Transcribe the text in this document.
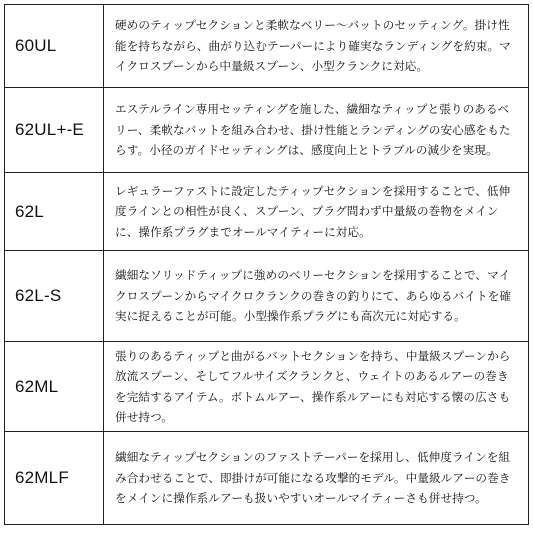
60UL	硬めのティップセクションと柔軟なベリー〜バットのセッティング。掛け性能を持ちながら、曲がり込むテーパーにより確実なランディングを約束。マイクロスプーンから中量級スプーン、小型クランクに対応。
62UL+-E	エステルライン専用セッティングを施した、繊細なティップと張りのあるベリー、柔軟なバットを組み合わせ、掛け性能とランディングの安心感をもたらす。小径のガイドセッティングは、感度向上とトラブルの減少を実現。
62L	レギュラーファストに設定したティップセクションを採用することで、低伸度ラインとの相性が良く、スプーン、プラグ問わず中量級の巻物をメインに、操作系プラグまでオールマイティーに対応。
62L-S	繊細なソリッドティップに強めのベリーセクションを採用することで、マイクロスプーンからマイクロクランクの巻きの釣りにて、あらゆるバイトを確実に捉えることが可能。小型操作系プラグにも高次元に対応する。
62ML	張りのあるティップと曲がるバットセクションを持ち、中量級スプーンから放流スプーン、そしてフルサイズクランクと、ウェイトのあるルアーの巻きを完結するアイテム。ボトムルアー、操作系ルアーにも対応する懐の広さも併せ持つ。
62MLF	繊細なティップセクションのファストテーパーを採用し、低伸度ラインを組み合わせることで、即掛けが可能になる攻撃的モデル。中量級ルアーの巻きをメインに操作系ルアーも扱いやすいオールマイティーさも併せ持つ。
